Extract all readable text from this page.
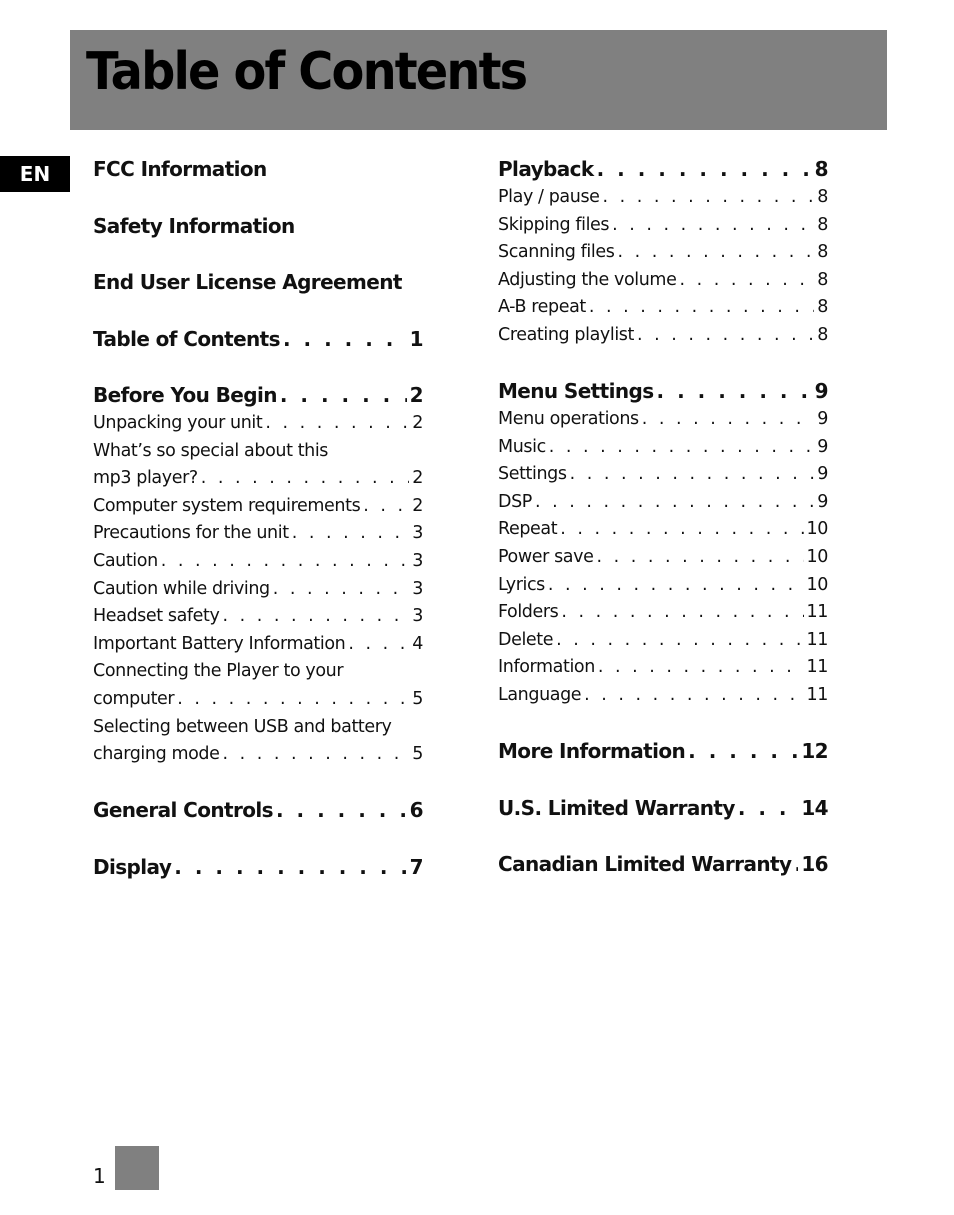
Table of Contents
EN	FCC Information
Safety Information
End User License Agreement
Table of Contents . . .	1
Before You Begin . . .	2
Unpacking your unit . . .	2
What’s so special about this
mp3 player? . . .	2
Computer system requirements . . .	2
Precautions for the unit . . .	3
Caution . . .	3
Caution while driving . . .	3
Headset safety . . .	3
Important Battery Information . . .	4
Connecting the Player to your
computer . . .	5
Selecting between USB and battery
charging mode . . .	5
General Controls . . .	6
Display . . .	7
Playback . . .	8
Play / pause . . .	8
Skipping files . . .	8
Scanning files . . .	8
Adjusting the volume . . .	8
A-B repeat . . .	8
Creating playlist . . .	8
Menu Settings . . .	9
Menu operations . . .	9
Music . . .	9
Settings . . .	9
DSP . . .	9
Repeat . . .	10
Power save . . .	10
Lyrics . . .	10
Folders . . .	11
Delete . . .	11
Information . . .	11
Language . . .	11
More Information . . .	12
U.S. Limited Warranty . . .	14
Canadian Limited Warranty . . . 16
1
